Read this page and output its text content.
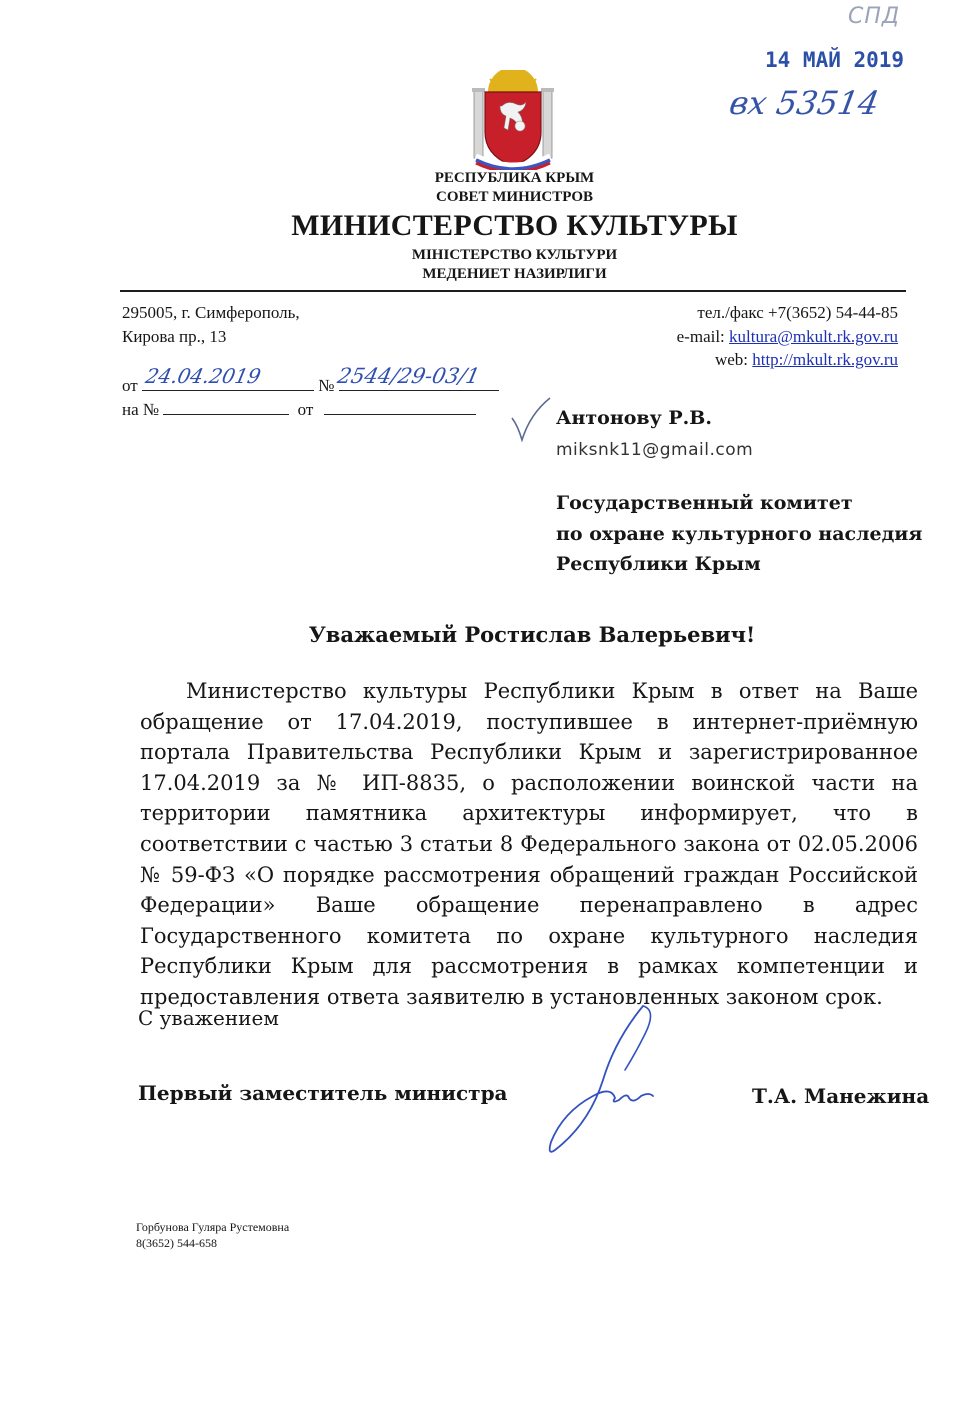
СПД
14 МАЙ 2019
вх 53514
РЕСПУБЛИКА КРЫМ
СОВЕТ МИНИСТРОВ
МИНИСТЕРСТВО КУЛЬТУРЫ
МІНІСТЕРСТВО КУЛЬТУРИ
МЕДЕНИЕТ НАЗИРЛИГИ
295005, г. Симферополь,
Кирова пр., 13
тел./факс +7(3652) 54-44-85
e-mail: kultura@mkult.rk.gov.ru
web: http://mkult.rk.gov.ru
от	№
24.04.2019	2544/29-03/1
на №	от	Антонову Р.В.
miksnk11@gmail.com
Государственный комитет
по охране культурного наследия
Республики Крым
Уважаемый Ростислав Валерьевич!
Министерство культуры Республики Крым в ответ на Ваше обращение от 17.04.2019, поступившее в интернет-приёмную портала Правительства Республики Крым и зарегистрированное 17.04.2019 за № ИП-8835, о расположении воинской части на территории памятника архитектуры информирует, что в соответствии с частью 3 статьи 8 Федерального закона от 02.05.2006 № 59-ФЗ «О порядке рассмотрения обращений граждан Российской Федерации» Ваше обращение перенаправлено в адрес Государственного комитета по охране культурного наследия Республики Крым для рассмотрения в рамках компетенции и предоставления ответа заявителю в установленных законом срок.
С уважением
Первый заместитель министра	Т.А. Манежина
Горбунова Гуляра Рустемовна
8(3652) 544-658
